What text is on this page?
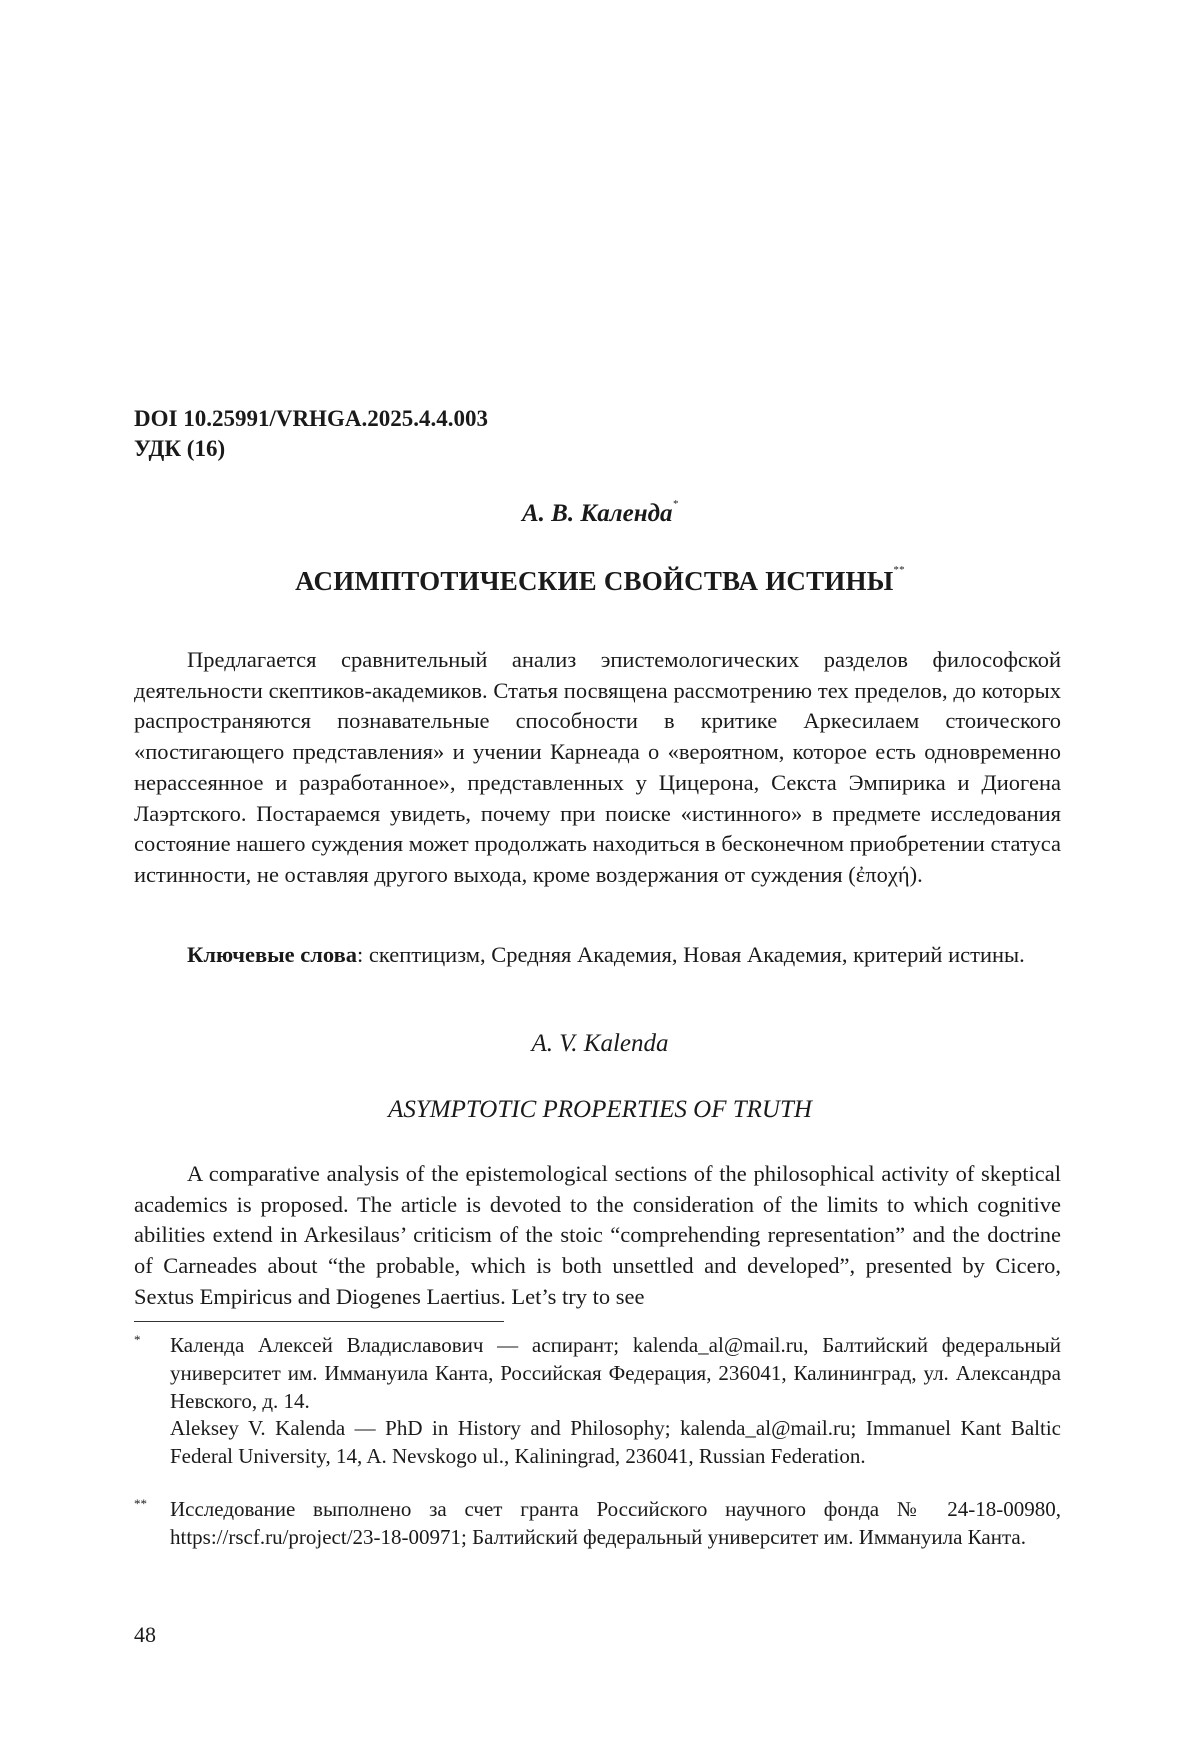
DOI 10.25991/VRHGA.2025.4.4.003
УДК (16)
А. В. Календа*
АСИМПТОТИЧЕСКИЕ СВОЙСТВА ИСТИНЫ**

Предлагается сравнительный анализ эпистемологических разделов философской деятельности скептиков-академиков. Статья посвящена рассмотрению тех пределов, до которых распространяются познавательные способности в критике Аркесилаем стоического «постигающего представления» и учении Карнеада о «вероятном, которое есть одновременно нерассеянное и разработанное», представленных у Цицерона, Секста Эмпирика и Диогена Лаэртского. Постараемся увидеть, почему при поиске «истинного» в предмете исследования состояние нашего суждения может продолжать находиться в бесконечном приобретении статуса истинности, не оставляя другого выхода, кроме воздержания от суждения (ἐποχή).

Ключевые слова: скептицизм, Средняя Академия, Новая Академия, критерий истины.

A. V. Kalenda
ASYMPTOTIC PROPERTIES OF TRUTH

A comparative analysis of the epistemological sections of the philosophical activity of skeptical academics is proposed. The article is devoted to the consideration of the limits to which cognitive abilities extend in Arkesilaus’ criticism of the stoic “comprehending representation” and the doctrine of Carneades about “the probable, which is both unsettled and developed”, presented by Cicero, Sextus Empiricus and Diogenes Laertius. Let’s try to see

* Календа Алексей Владиславович — аспирант; kalenda_al@mail.ru, Балтийский федеральный университет им. Иммануила Канта, Российская Федерация, 236041, Калининград, ул. Александра Невского, д. 14.

Aleksey V. Kalenda — PhD in History and Philosophy; kalenda_al@mail.ru; Immanuel Kant Baltic Federal University, 14, A. Nevskogo ul., Kaliningrad, 236041, Russian Federation.

** Исследование выполнено за счет гранта Российского научного фонда № 24-18-00980, https://rscf.ru/project/23-18-00971; Балтийский федеральный университет им. Иммануила Канта.

48
